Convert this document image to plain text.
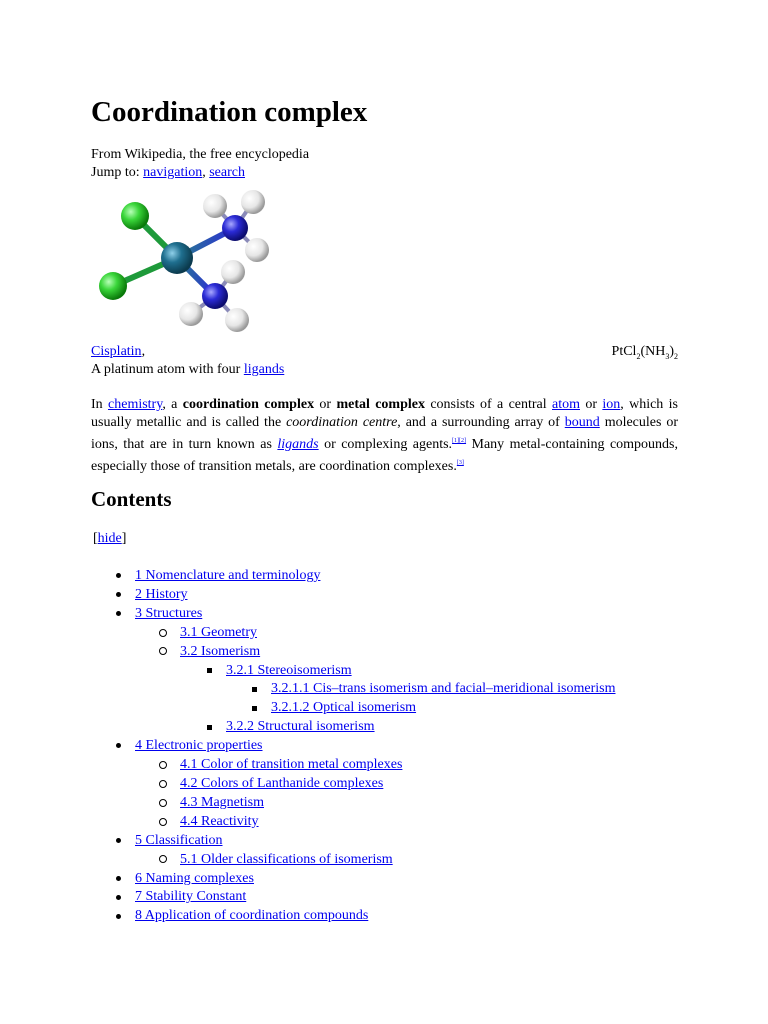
Coordination complex
From Wikipedia, the free encyclopedia
Jump to: navigation, search
Cisplatin,	$PtCl_2(NH_3)_2$
A platinum atom with four ligands

In chemistry, a coordination complex or metal complex consists of a central atom or ion, which is usually metallic and is called the coordination centre, and a surrounding array of bound molecules or ions, that are in turn known as ligands or complexing agents.[1][2] Many metal-containing compounds, especially those of transition metals, are coordination complexes.[3]

Contents
[hide]
1 Nomenclature and terminology
2 History
3 Structures
3.1 Geometry
3.2 Isomerism
3.2.1 Stereoisomerism
3.2.1.1 Cis–trans isomerism and facial–meridional isomerism
3.2.1.2 Optical isomerism
3.2.2 Structural isomerism
4 Electronic properties
4.1 Color of transition metal complexes
4.2 Colors of Lanthanide complexes
4.3 Magnetism
4.4 Reactivity
5 Classification
5.1 Older classifications of isomerism
6 Naming complexes
7 Stability Constant
8 Application of coordination compounds
